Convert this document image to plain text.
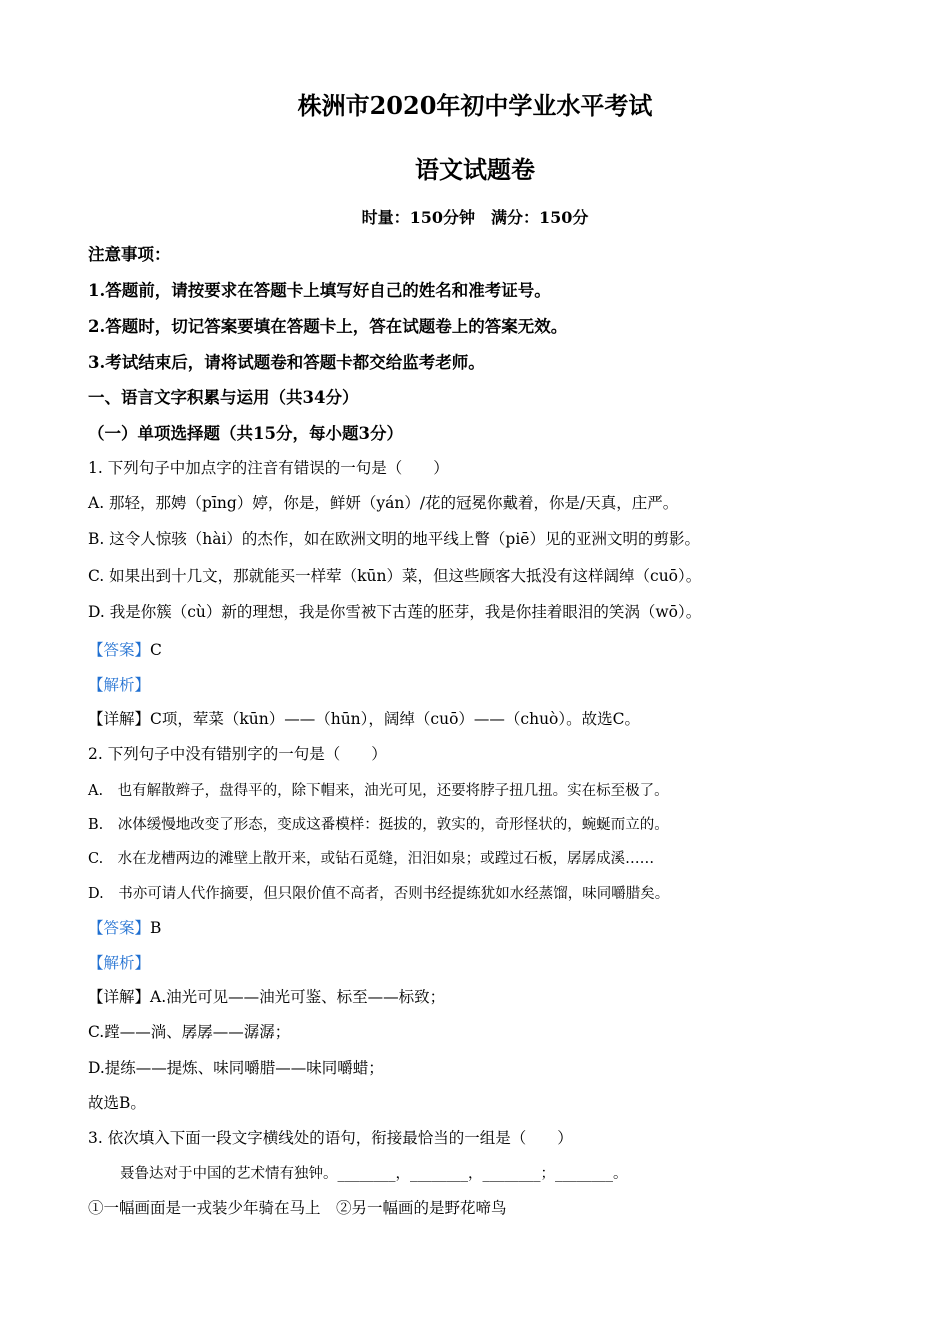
株洲市2020年初中学业水平考试
语文试题卷
时量：150分钟　满分：150分
注意事项：
1.答题前，请按要求在答题卡上填写好自己的姓名和准考证号。
2.答题时，切记答案要填在答题卡上，答在试题卷上的答案无效。
3.考试结束后，请将试题卷和答题卡都交给监考老师。
一、语言文字积累与运用（共34分）
（一）单项选择题（共15分，每小题3分）
1. 下列句子中加点字的注音有错误的一句是（　　）
A. 那轻，那娉（pīng）婷，你是，鲜妍（yán）/花的冠冕你戴着，你是/天真，庄严。
B. 这令人惊骇（hài）的杰作，如在欧洲文明的地平线上瞥（piē）见的亚洲文明的剪影。
C. 如果出到十几文，那就能买一样荤（kūn）菜，但这些顾客大抵没有这样阔绰（cuō）。
D. 我是你簇（cù）新的理想，我是你雪被下古莲的胚芽，我是你挂着眼泪的笑涡（wō）。
【答案】C
【解析】
【详解】C项，荤菜（kūn）——（hūn），阔绰（cuō）——（chuò）。故选C。
2. 下列句子中没有错别字的一句是（　　）
A.　也有解散辫子，盘得平的，除下帽来，油光可见，还要将脖子扭几扭。实在标至极了。
B.　冰体缓慢地改变了形态，变成这番模样：挺拔的，敦实的，奇形怪状的，蜿蜒而立的。
C.　水在龙槽两边的滩壁上散开来，或钻石觅缝，汨汨如泉；或蹚过石板，孱孱成溪……
D.　书亦可请人代作摘要，但只限价值不高者，否则书经提练犹如水经蒸馏，味同嚼腊矣。
【答案】B
【解析】
【详解】A.油光可见——油光可鉴、标至——标致；
C.蹚——淌、孱孱——潺潺；
D.提练——提炼、味同嚼腊——味同嚼蜡；
故选B。
3. 依次填入下面一段文字横线处的语句，衔接最恰当的一组是（　　）
聂鲁达对于中国的艺术情有独钟。________，________，________；________。
①一幅画面是一戎装少年骑在马上　②另一幅画的是野花啼鸟
